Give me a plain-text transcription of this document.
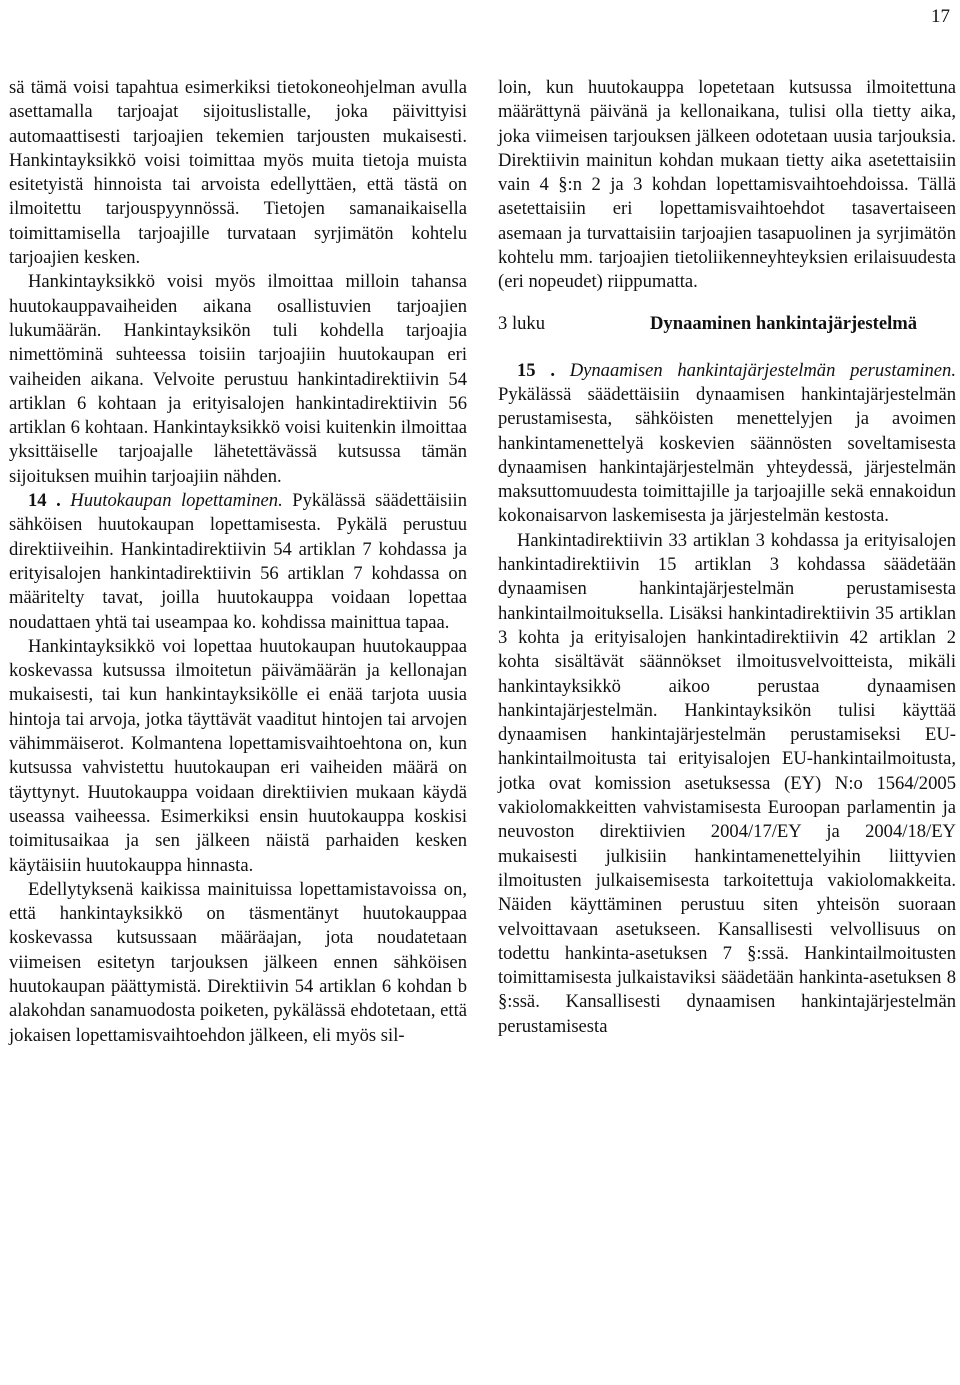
17

sä tämä voisi tapahtua esimerkiksi tietokoneohjelman avulla asettamalla tarjoajat sijoituslistalle, joka päivittyisi automaattisesti tarjoajien tekemien tarjousten mukaisesti. Hankintayksikkö voisi toimittaa myös muita tietoja muista esitetyistä hinnoista tai arvoista edellyttäen, että tästä on ilmoitettu tarjouspyynnössä. Tietojen samanaikaisella toimittamisella tarjoajille turvataan syrjimätön kohtelu tarjoajien kesken.

Hankintayksikkö voisi myös ilmoittaa milloin tahansa huutokauppavaiheiden aikana osallistuvien tarjoajien lukumäärän. Hankintayksikön tuli kohdella tarjoajia nimettöminä suhteessa toisiin tarjoajiin huutokaupan eri vaiheiden aikana. Velvoite perustuu hankintadirektiivin 54 artiklan 6 kohtaan ja erityisalojen hankintadirektiivin 56 artiklan 6 kohtaan. Hankintayksikkö voisi kuitenkin ilmoittaa yksittäiselle tarjoajalle lähetettävässä kutsussa tämän sijoituksen muihin tarjoajiin nähden.

14 . Huutokaupan lopettaminen. Pykälässä säädettäisiin sähköisen huutokaupan lopettamisesta. Pykälä perustuu direktiiveihin. Hankintadirektiivin 54 artiklan 7 kohdassa ja erityisalojen hankintadirektiivin 56 artiklan 7 kohdassa on määritelty tavat, joilla huutokauppa voidaan lopettaa noudattaen yhtä tai useampaa ko. kohdissa mainittua tapaa.

Hankintayksikkö voi lopettaa huutokaupan huutokauppaa koskevassa kutsussa ilmoitetun päivämäärän ja kellonajan mukaisesti, tai kun hankintayksikölle ei enää tarjota uusia hintoja tai arvoja, jotka täyttävät vaaditut hintojen tai arvojen vähimmäiserot. Kolmantena lopettamisvaihtoehtona on, kun kutsussa vahvistettu huutokaupan eri vaiheiden määrä on täyttynyt. Huutokauppa voidaan direktiivien mukaan käydä useassa vaiheessa. Esimerkiksi ensin huutokauppa koskisi toimitusaikaa ja sen jälkeen näistä parhaiden kesken käytäisiin huutokauppa hinnasta.

Edellytyksenä kaikissa mainituissa lopettamistavoissa on, että hankintayksikkö on täsmentänyt huutokauppaa koskevassa kutsussaan määräajan, jota noudatetaan viimeisen esitetyn tarjouksen jälkeen ennen sähköisen huutokaupan päättymistä. Direktiivin 54 artiklan 6 kohdan b alakohdan sanamuodosta poiketen, pykälässä ehdotetaan, että jokaisen lopettamisvaihtoehdon jälkeen, eli myös sil-

loin, kun huutokauppa lopetetaan kutsussa ilmoitettuna määrättynä päivänä ja kellonaikana, tulisi olla tietty aika, joka viimeisen tarjouksen jälkeen odotetaan uusia tarjouksia. Direktiivin mainitun kohdan mukaan tietty aika asetettaisiin vain 4 §:n 2 ja 3 kohdan lopettamisvaihtoehdoissa. Tällä asetettaisiin eri lopettamisvaihtoehdot tasavertaiseen asemaan ja turvattaisiin tarjoajien tasapuolinen ja syrjimätön kohtelu mm. tarjoajien tietoliikenneyhteyksien erilaisuudesta (eri nopeudet) riippumatta.

3 luku	Dynaaminen hankintajärjestelmä

15 . Dynaamisen hankintajärjestelmän perustaminen. Pykälässä säädettäisiin dynaamisen hankintajärjestelmän perustamisesta, sähköisten menettelyjen ja avoimen hankintamenettelyä koskevien säännösten soveltamisesta dynaamisen hankintajärjestelmän yhteydessä, järjestelmän maksuttomuudesta toimittajille ja tarjoajille sekä ennakoidun kokonaisarvon laskemisesta ja järjestelmän kestosta.

Hankintadirektiivin 33 artiklan 3 kohdassa ja erityisalojen hankintadirektiivin 15 artiklan 3 kohdassa säädetään dynaamisen hankintajärjestelmän perustamisesta hankintailmoituksella. Lisäksi hankintadirektiivin 35 artiklan 3 kohta ja erityisalojen hankintadirektiivin 42 artiklan 2 kohta sisältävät säännökset ilmoitusvelvoitteista, mikäli hankintayksikkö aikoo perustaa dynaamisen hankintajärjestelmän. Hankintayksikön tulisi käyttää dynaamisen hankintajärjestelmän perustamiseksi EU-hankintailmoitusta tai erityisalojen EU-hankintailmoitusta, jotka ovat komission asetuksessa (EY) N:o 1564/2005 vakiolomakkeitten vahvistamisesta Euroopan parlamentin ja neuvoston direktiivien 2004/17/EY ja 2004/18/EY mukaisesti julkisiin hankintamenettelyihin liittyvien ilmoitusten julkaisemisesta tarkoitettuja vakiolomakkeita. Näiden käyttäminen perustuu siten yhteisön suoraan velvoittavaan asetukseen. Kansallisesti velvollisuus on todettu hankinta-asetuksen 7 §:ssä. Hankintailmoitusten toimittamisesta julkaistaviksi säädetään hankinta-asetuksen 8 §:ssä. Kansallisesti dynaamisen hankintajärjestelmän perustamisesta
